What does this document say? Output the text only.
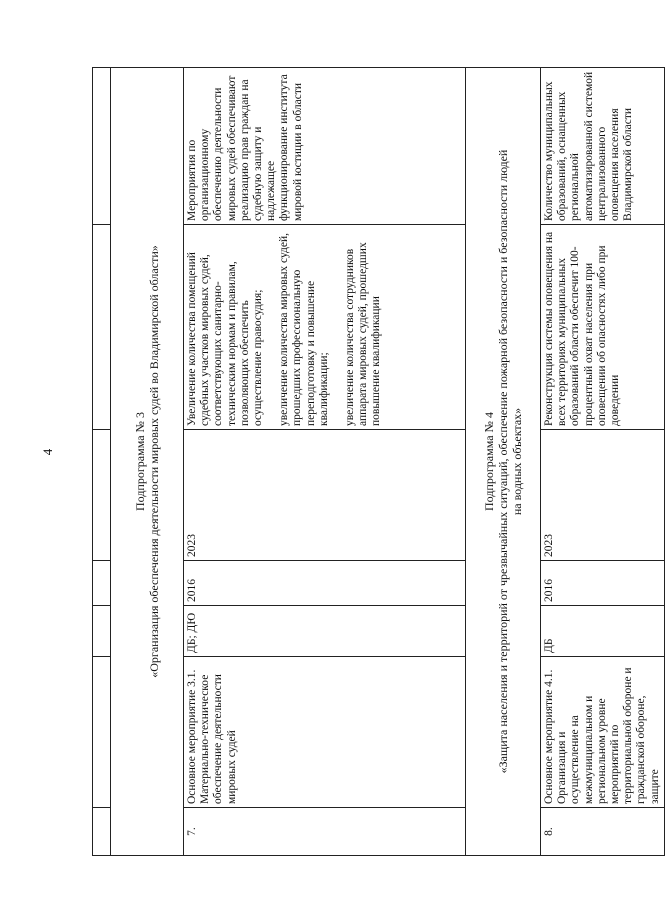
4
							Подпрограмма № 3 «Организация обеспечения деятельности мировых судей во Владимирской области»						

7.	Основное мероприятие 3.1. Материально-техническое обеспечение деятельности мировых судей	ДБ; ДЮ	2016	2023	Увеличение количества помещений судебных участков мировых судей, соответствующих санитарно-техническим нормам и правилам, позволяющих обеспечить осуществление правосудия; увеличение количества мировых судей, прошедших профессиональную переподготовку и повышение квалификации; увеличение количества сотрудников аппарата мировых судей, прошедших повышение квалификации	Мероприятия по организационному обеспечению деятельности мировых судей обеспечивают реализацию прав граждан на судебную защиту и надлежащее функционирование института мировой юстиции в области

Подпрограмма № 4 «Защита населения и территорий от чрезвычайных ситуаций, обеспечение пожарной безопасности и безопасности людей на водных объектах»						

8.	Основное мероприятие 4.1. Организация и осуществление на межмуниципальном и региональном уровне мероприятий по территориальной обороне и гражданской обороне, защите	ДБ	2016	2023	Реконструкция системы оповещения на всех территориях муниципальных образований области обеспечит 100-процентный охват населения при оповещении об опасностях либо при доведении	Количество муниципальных образований, оснащенных региональной автоматизированной системой централизованного оповещения населения Владимирской области
